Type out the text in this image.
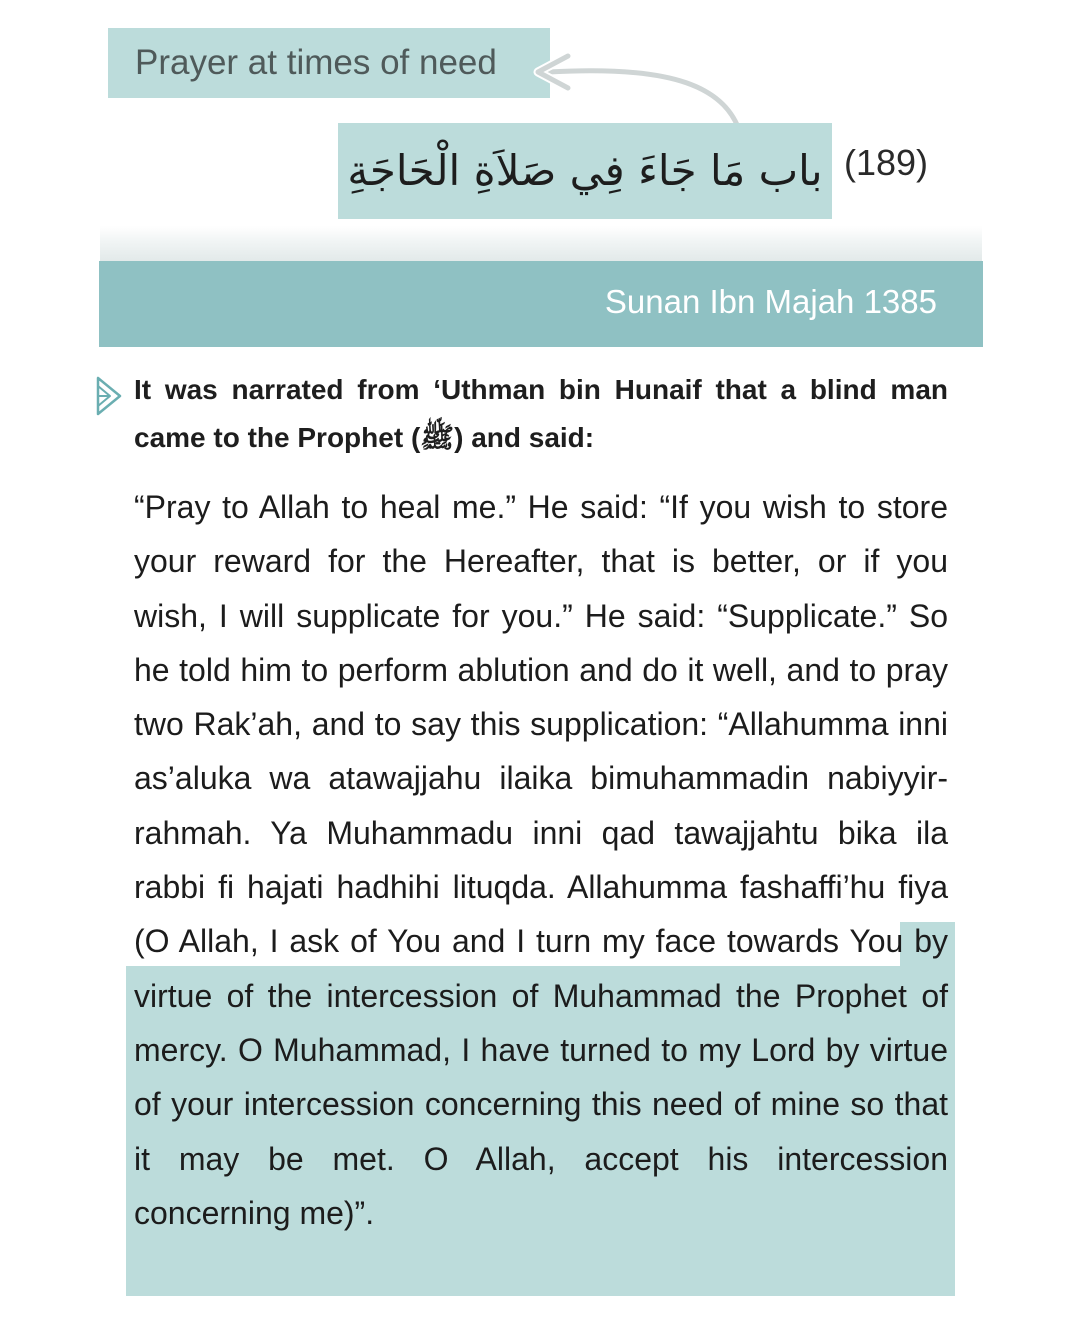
Prayer at times of need
باب مَا جَاءَ فِي صَلاَةِ الْحَاجَةِ (189)
Sunan Ibn Majah 1385

It was narrated from ‘Uthman bin Hunaif that a blind man came to the Prophet (ﷺ) and said:

“Pray to Allah to heal me.” He said: “If you wish to store your reward for the Hereafter, that is better, or if you wish, I will supplicate for you.” He said: “Supplicate.” So he told him to perform ablution and do it well, and to pray two Rak’ah, and to say this supplication: “Allahumma inni as’aluka wa atawajjahu ilaika bimuhammadin nabiyyir-rahmah. Ya Muhammadu inni qad tawajjahtu bika ila rabbi fi hajati hadhihi lituqda. Allahumma fashaffi’hu fiya (O Allah, I ask of You and I turn my face towards You by virtue of the intercession of Muhammad the Prophet of mercy. O Muhammad, I have turned to my Lord by virtue of your intercession concerning this need of mine so that it may be met. O Allah, accept his intercession concerning me)”.
